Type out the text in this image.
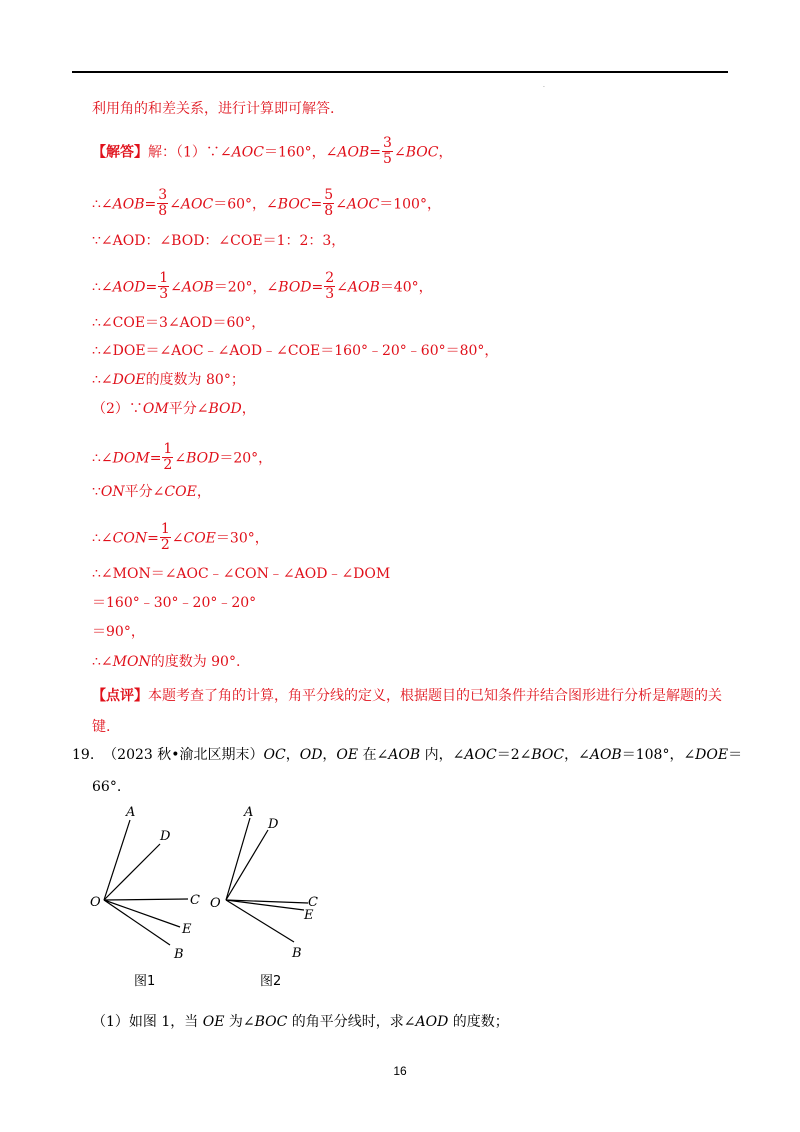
·
利用角的和差关系，进行计算即可解答.
【解答】解：（1）∵∠AOC＝160°，∠AOB= $\frac{3}{5}$ ∠BOC，
∴∠AOB= $\frac{3}{8}$ ∠AOC＝60°，∠BOC= $\frac{5}{8}$ ∠AOC＝100°，
∵∠AOD：∠BOD：∠COE＝1：2：3，
∴∠AOD= $\frac{1}{3}$ ∠AOB＝20°，∠BOD= $\frac{2}{3}$ ∠AOB＝40°，
∴∠COE＝3∠AOD＝60°，
∴∠DOE＝∠AOC﹣∠AOD﹣∠COE＝160°﹣20°﹣60°＝80°，
∴∠DOE的度数为 80°；
（2）∵OM平分∠BOD，
∴∠DOM= $\frac{1}{2}$ ∠BOD＝20°，
∵ON平分∠COE，
∴∠CON= $\frac{1}{2}$ ∠COE＝30°，
∴∠MON＝∠AOC﹣∠CON﹣∠AOD﹣∠DOM
＝160°﹣30°﹣20°﹣20°
＝90°，
∴∠MON的度数为 90°.
【点评】本题考查了角的计算，角平分线的定义，根据题目的已知条件并结合图形进行分析是解题的关
键.
19. （2023 秋•渝北区期末）OC，OD，OE 在∠AOB 内，∠AOC＝2∠BOC，∠AOB＝108°，∠DOE＝
66°.
A
D
O	C
E
B
图1
A
D
O	C
E
B
图2
（1）如图 1，当 OE 为∠BOC 的角平分线时，求∠AOD 的度数；
16
